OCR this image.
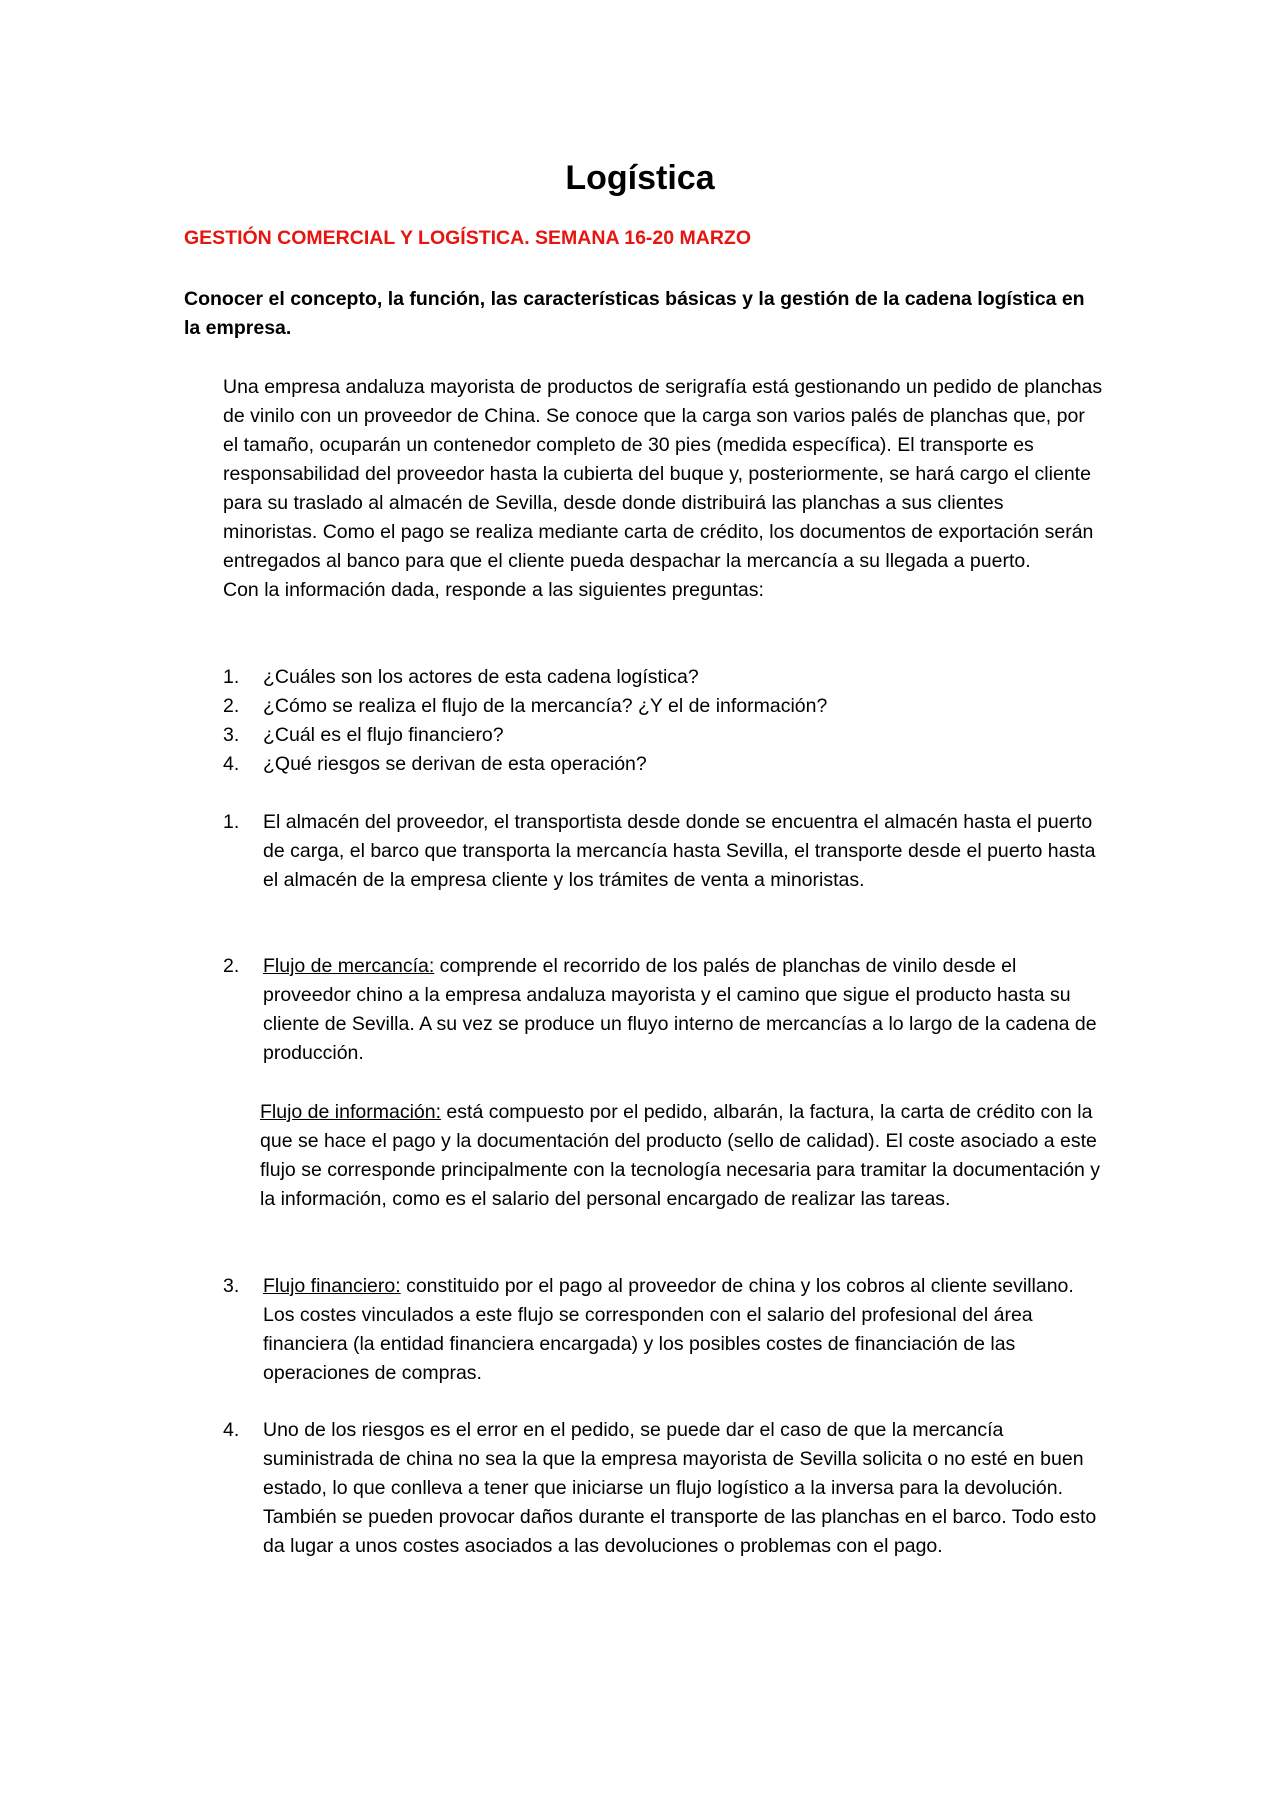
Logística
GESTIÓN COMERCIAL Y LOGÍSTICA. SEMANA 16-20 MARZO
Conocer el concepto, la función, las características básicas y la gestión de la cadena logística en la empresa.

Una empresa andaluza mayorista de productos de serigrafía está gestionando un pedido de planchas de vinilo con un proveedor de China. Se conoce que la carga son varios palés de planchas que, por el tamaño, ocuparán un contenedor completo de 30 pies (medida específica). El transporte es responsabilidad del proveedor hasta la cubierta del buque y, posteriormente, se hará cargo el cliente para su traslado al almacén de Sevilla, desde donde distribuirá las planchas a sus clientes minoristas. Como el pago se realiza mediante carta de crédito, los documentos de exportación serán entregados al banco para que el cliente pueda despachar la mercancía a su llegada a puerto.

Con la información dada, responde a las siguientes preguntas:

1.	¿Cuáles son los actores de esta cadena logística?
2.	¿Cómo se realiza el flujo de la mercancía? ¿Y el de información?
3.	¿Cuál es el flujo financiero?
4.	¿Qué riesgos se derivan de esta operación?
1.	El almacén del proveedor, el transportista desde donde se encuentra el almacén hasta el puerto de carga, el barco que transporta la mercancía hasta Sevilla, el transporte desde el puerto hasta el almacén de la empresa cliente y los trámites de venta a minoristas.
2.	Flujo de mercancía: comprende el recorrido de los palés de planchas de vinilo desde el proveedor chino a la empresa andaluza mayorista y el camino que sigue el producto hasta su cliente de Sevilla. A su vez se produce un fluyo interno de mercancías a lo largo de la cadena de producción.
Flujo de información: está compuesto por el pedido, albarán, la factura, la carta de crédito con la que se hace el pago y la documentación del producto (sello de calidad). El coste asociado a este flujo se corresponde principalmente con la tecnología necesaria para tramitar la documentación y la información, como es el salario del personal encargado de realizar las tareas.
3.	Flujo financiero: constituido por el pago al proveedor de china y los cobros al cliente sevillano. Los costes vinculados a este flujo se corresponden con el salario del profesional del área financiera (la entidad financiera encargada) y los posibles costes de financiación de las operaciones de compras.
4.	Uno de los riesgos es el error en el pedido, se puede dar el caso de que la mercancía suministrada de china no sea la que la empresa mayorista de Sevilla solicita o no esté en buen estado, lo que conlleva a tener que iniciarse un flujo logístico a la inversa para la devolución. También se pueden provocar daños durante el transporte de las planchas en el barco. Todo esto da lugar a unos costes asociados a las devoluciones o problemas con el pago.
